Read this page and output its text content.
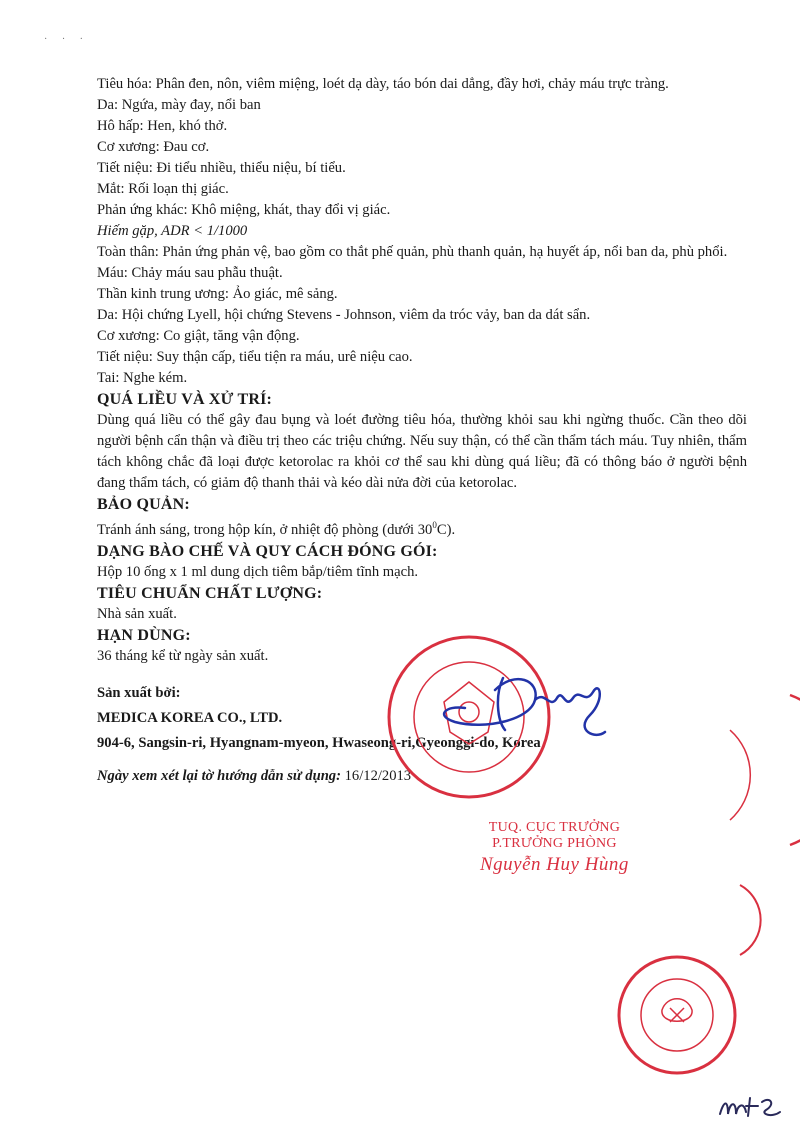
· · ·

Tiêu hóa: Phân đen, nôn, viêm miệng, loét dạ dày, táo bón dai dẳng, đầy hơi, chảy máu trực tràng.

Da: Ngứa, mày đay, nổi ban

Hô hấp: Hen, khó thở.

Cơ xương: Đau cơ.

Tiết niệu: Đi tiểu nhiều, thiểu niệu, bí tiểu.

Mắt: Rối loạn thị giác.

Phản ứng khác: Khô miệng, khát, thay đổi vị giác.

Hiếm gặp, ADR < 1/1000

Toàn thân: Phản ứng phản vệ, bao gồm co thắt phế quản, phù thanh quản, hạ huyết áp, nổi ban da, phù phổi.

Máu: Chảy máu sau phẫu thuật.

Thần kinh trung ương: Ảo giác, mê sảng.

Da: Hội chứng Lyell, hội chứng Stevens - Johnson, viêm da tróc vảy, ban da dát sẩn.

Cơ xương: Co giật, tăng vận động.

Tiết niệu: Suy thận cấp, tiểu tiện ra máu, urê niệu cao.

Tai: Nghe kém.

QUÁ LIỀU VÀ XỬ TRÍ:

Dùng quá liều có thể gây đau bụng và loét đường tiêu hóa, thường khỏi sau khi ngừng thuốc. Cần theo dõi người bệnh cẩn thận và điều trị theo các triệu chứng. Nếu suy thận, có thể cần thẩm tách máu. Tuy nhiên, thẩm tách không chắc đã loại được ketorolac ra khỏi cơ thể sau khi dùng quá liều; đã có thông báo ở người bệnh đang thẩm tách, có giảm độ thanh thải và kéo dài nửa đời của ketorolac.

BẢO QUẢN:

Tránh ánh sáng, trong hộp kín, ở nhiệt độ phòng (dưới $30^0C$).

DẠNG BÀO CHẾ VÀ QUY CÁCH ĐÓNG GÓI:

Hộp 10 ống x 1 ml dung dịch tiêm bắp/tiêm tĩnh mạch.

TIÊU CHUẨN CHẤT LƯỢNG:

Nhà sản xuất.

HẠN DÙNG:

36 tháng kể từ ngày sản xuất.

Sản xuất bởi:

MEDICA KOREA CO., LTD.

904-6, Sangsin-ri, Hyangnam-myeon, Hwaseong-ri,Gyeonggi-do, Korea

Ngày xem xét lại tờ hướng dẫn sử dụng: 16/12/2013

TUQ. CỤC TRƯỞNG
P.TRƯỞNG PHÒNG
Nguyễn Huy Hùng
